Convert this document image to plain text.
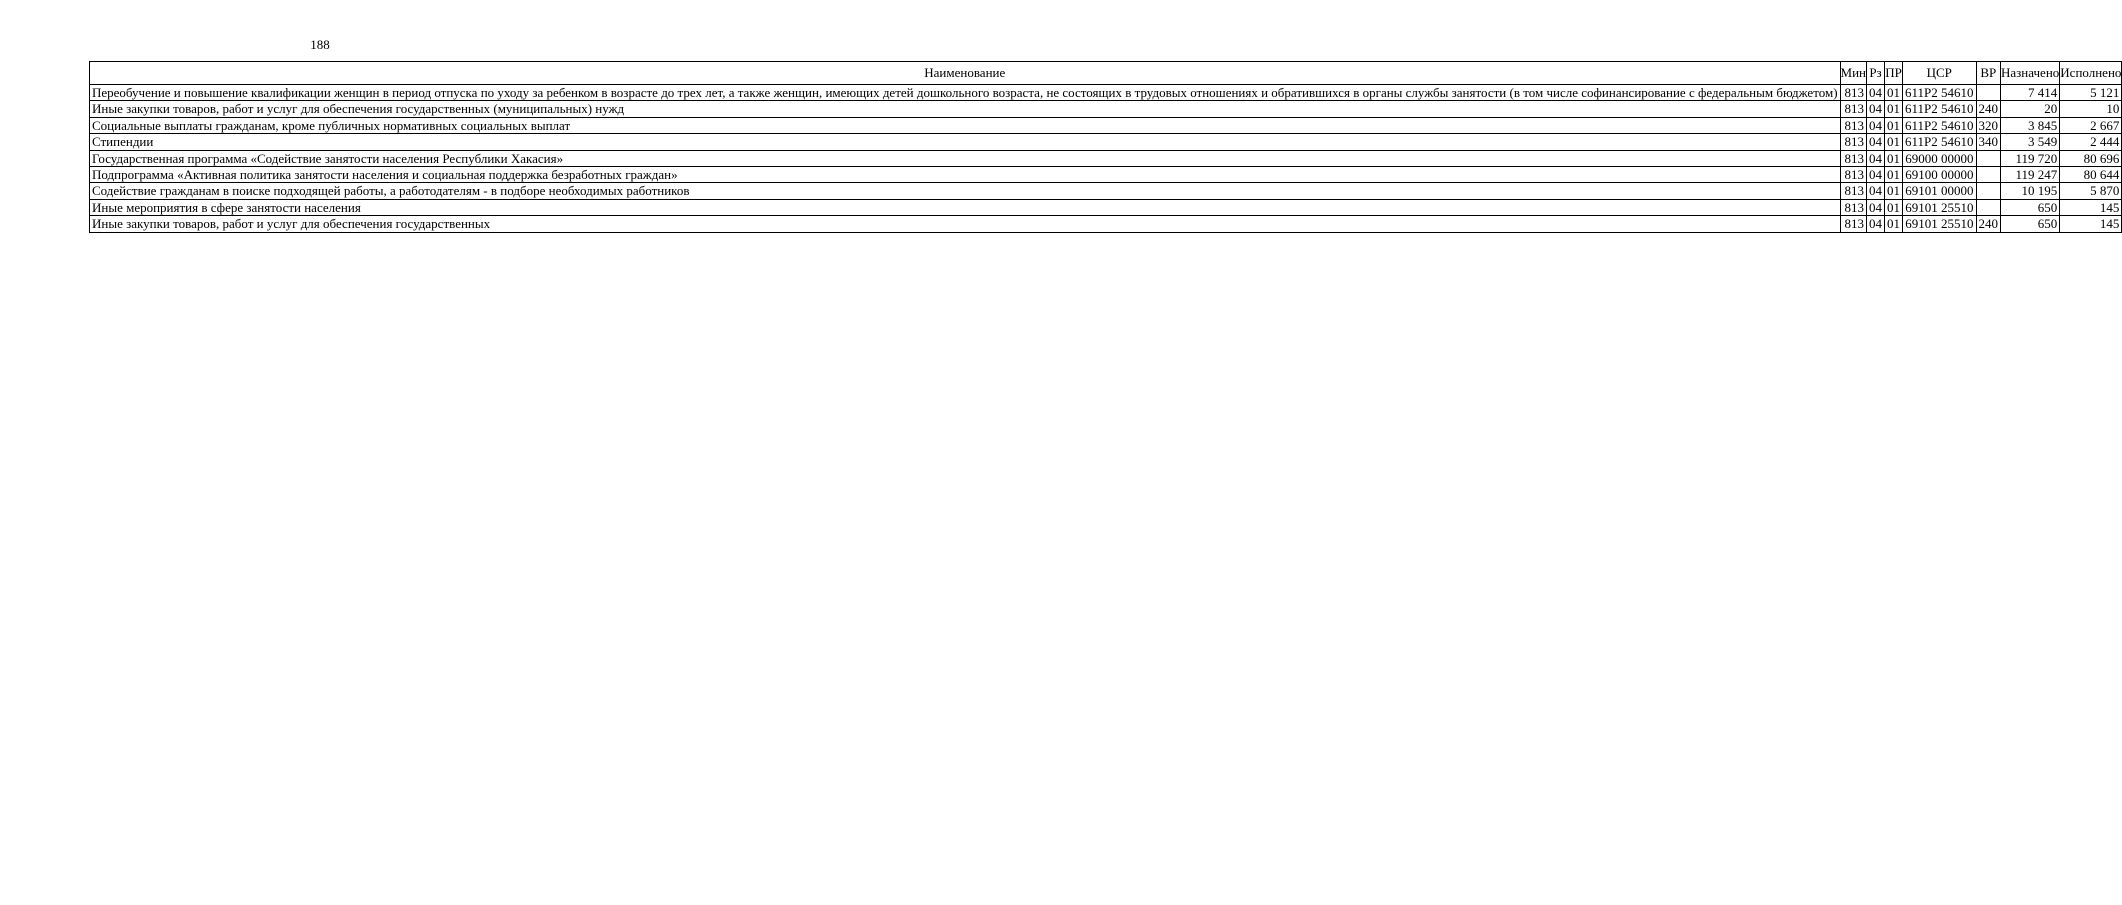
188
Наименование	Мин	Рз	ПР	ЦСР	ВР	Назначено	Исполнено
Переобучение и повышение квалификации женщин в период отпуска по уходу за ребенком в возрасте до трех лет, а также женщин, имеющих детей дошкольного возраста, не состоящих в трудовых отношениях и обратившихся в органы службы занятости (в том числе софинансирование с федеральным бюджетом)	813	04	01	611P2 54610		7 414	5 121
Иные закупки товаров, работ и услуг для обеспечения государственных (муниципальных) нужд	813	04	01	611P2 54610	240	20	10
Социальные выплаты гражданам, кроме публичных нормативных социальных выплат	813	04	01	611P2 54610	320	3 845	2 667
Стипендии	813	04	01	611P2 54610	340	3 549	2 444
Государственная программа «Содействие занятости населения Республики Хакасия»	813	04	01	69000 00000		119 720	80 696
Подпрограмма «Активная политика занятости населения и социальная поддержка безработных граждан»	813	04	01	69100 00000		119 247	80 644
Содействие гражданам в поиске подходящей работы, а работодателям - в подборе необходимых работников	813	04	01	69101 00000		10 195	5 870
Иные мероприятия в сфере занятости населения	813	04	01	69101 25510		650	145
Иные закупки товаров, работ и услуг для обеспечения государственных	813	04	01	69101 25510	240	650	145
